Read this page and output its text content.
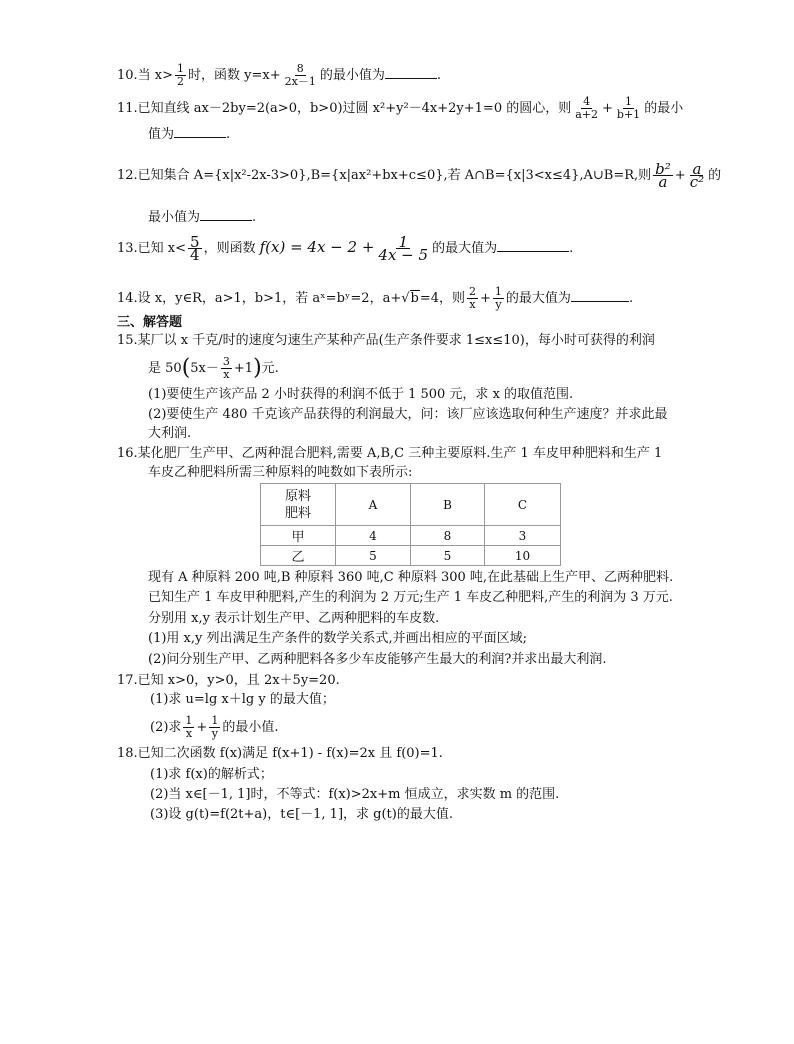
10.当 $x> \frac{1}{2}$ 时，函数 $y=x+ \frac{8}{2x-1}$ 的最小值为	.
11.已知直线 ax－2by=2(a>0，b>0)过圆 x²+y²－4x+2y+1=0 的圆心，则 $\frac{4}{a+2} + \frac{1}{b+1}$ 的最小
值为	.
12.已知集合 A={x|x²-2x-3>0},B={x|ax²+bx+c≤0},若 A∩B={x|3<x≤4},A∪B=R,则 $\frac{\text{b²}}{a} + \frac{a}{\text{c²}}$ 的
最小值为	.
13.已知 $x< \frac{5}{4}$ ，则函数 $f(x) = 4x - 2 + \frac{1}{4x - 5}$ 的最大值为	.
14.设 x，y∈R，a>1，b>1，若 aˣ=bʸ=2，a+√b=4，则 $\frac{2}{x} + \frac{1}{y}$ 的最大值为	.
三、解答题
15.某厂以 x 千克/时的速度匀速生产某种产品(生产条件要求 1≤x≤10)，每小时可获得的利润
是 $50(5x- \frac{3}{x} +1)$元.
(1)要使生产该产品 2 小时获得的利润不低于 1 500 元，求 x 的取值范围.
(2)要使生产 480 千克该产品获得的利润最大，问：该厂应该选取何种生产速度？并求此最
大利润.
16.某化肥厂生产甲、乙两种混合肥料,需要 A,B,C 三种主要原料.生产 1 车皮甲种肥料和生产 1
车皮乙种肥料所需三种原料的吨数如下表所示:
原料
肥料	A	B	C
甲	4	8	3
乙	5	5	10
现有 A 种原料 200 吨,B 种原料 360 吨,C 种原料 300 吨,在此基础上生产甲、乙两种肥料.
已知生产 1 车皮甲种肥料,产生的利润为 2 万元;生产 1 车皮乙种肥料,产生的利润为 3 万元.
分别用 x,y 表示计划生产甲、乙两种肥料的车皮数.
(1)用 x,y 列出满足生产条件的数学关系式,并画出相应的平面区域;
(2)问分别生产甲、乙两种肥料各多少车皮能够产生最大的利润?并求出最大利润.
17.已知 x>0，y>0，且 2x＋5y=20.
(1)求 u=lg x＋lg y 的最大值；
(2)求 $\frac{1}{x} + \frac{1}{y}$ 的最小值.
18.已知二次函数 f(x)满足 f(x+1) - f(x)=2x 且 f(0)=1.
(1)求 f(x)的解析式；
(2)当 x∈[－1, 1]时，不等式：f(x)>2x+m 恒成立，求实数 m 的范围.
(3)设 g(t)=f(2t+a)，t∈[－1, 1]，求 g(t)的最大值.
